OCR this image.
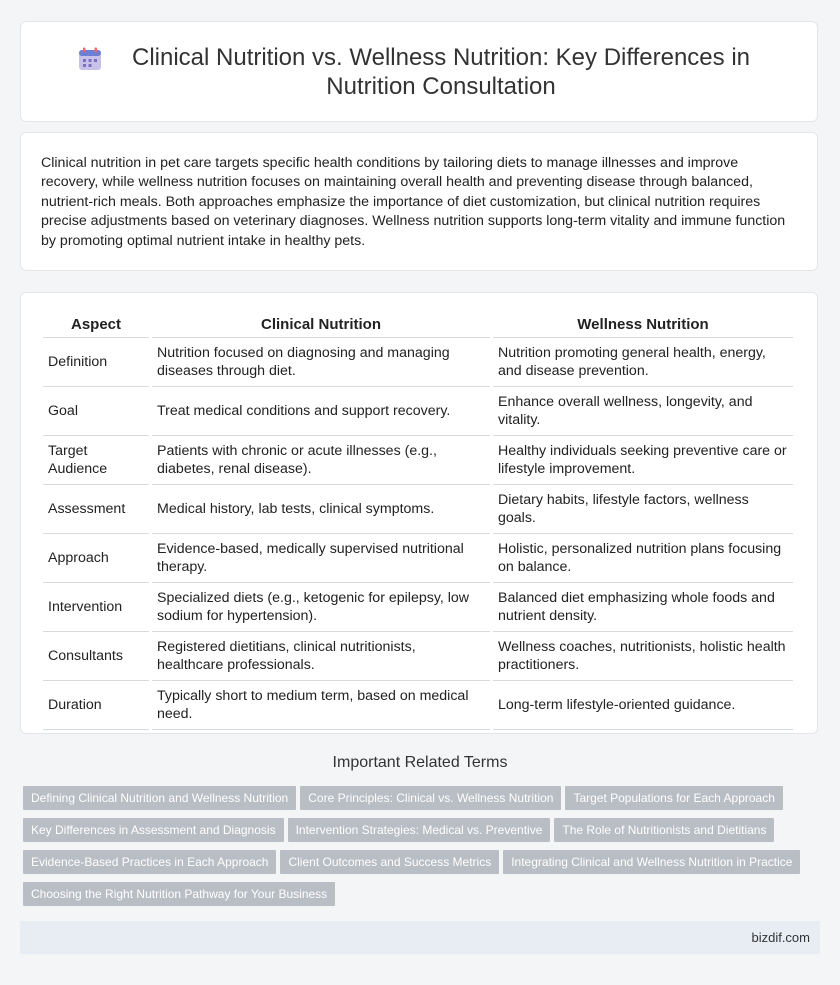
Clinical Nutrition vs. Wellness Nutrition: Key Differences in Nutrition Consultation

Clinical nutrition in pet care targets specific health conditions by tailoring diets to manage illnesses and improve recovery, while wellness nutrition focuses on maintaining overall health and preventing disease through balanced, nutrient-rich meals. Both approaches emphasize the importance of diet customization, but clinical nutrition requires precise adjustments based on veterinary diagnoses. Wellness nutrition supports long-term vitality and immune function by promoting optimal nutrient intake in healthy pets.

Aspect	Clinical Nutrition	Wellness Nutrition
Definition	Nutrition focused on diagnosing and managing diseases through diet.	Nutrition promoting general health, energy, and disease prevention.
Goal	Treat medical conditions and support recovery.	Enhance overall wellness, longevity, and vitality.
Target Audience	Patients with chronic or acute illnesses (e.g., diabetes, renal disease).	Healthy individuals seeking preventive care or lifestyle improvement.
Assessment	Medical history, lab tests, clinical symptoms.	Dietary habits, lifestyle factors, wellness goals.
Approach	Evidence-based, medically supervised nutritional therapy.	Holistic, personalized nutrition plans focusing on balance.
Intervention	Specialized diets (e.g., ketogenic for epilepsy, low sodium for hypertension).	Balanced diet emphasizing whole foods and nutrient density.
Consultants	Registered dietitians, clinical nutritionists, healthcare professionals.	Wellness coaches, nutritionists, holistic health practitioners.
Duration	Typically short to medium term, based on medical need.	Long-term lifestyle-oriented guidance.
Important Related Terms
Defining Clinical Nutrition and Wellness Nutrition Core Principles: Clinical vs. Wellness Nutrition Target Populations for Each Approach
Key Differences in Assessment and Diagnosis Intervention Strategies: Medical vs. Preventive The Role of Nutritionists and Dietitians
Evidence-Based Practices in Each Approach Client Outcomes and Success Metrics Integrating Clinical and Wellness Nutrition in Practice
Choosing the Right Nutrition Pathway for Your Business
bizdif.com
